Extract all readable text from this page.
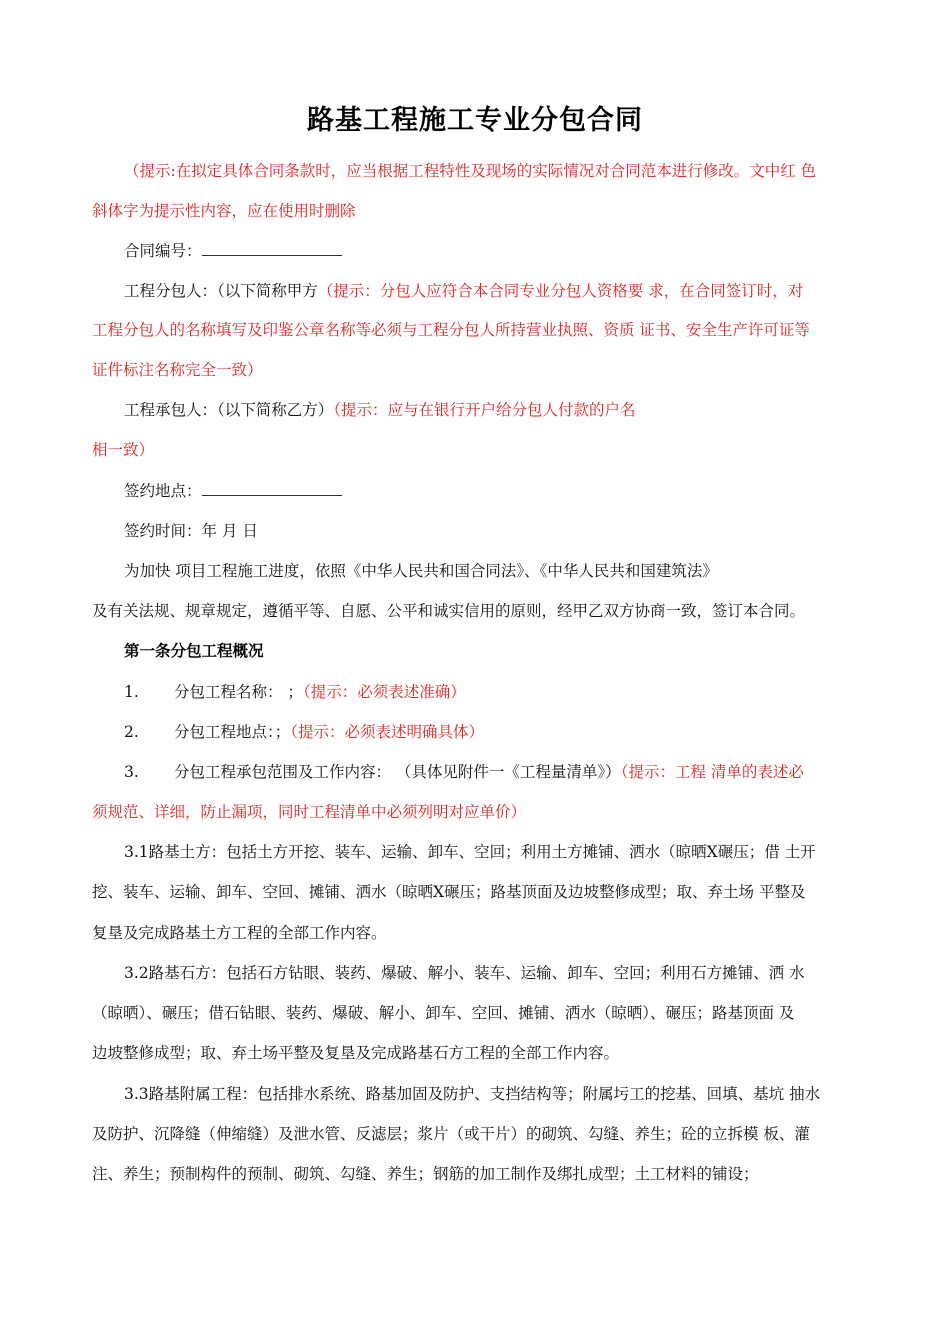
路基工程施工专业分包合同
（提示:在拟定具体合同条款时，应当根据工程特性及现场的实际情况对合同范本进行修改。文中红 色
斜体字为提示性内容，应在使用时删除
合同编号：
工程分包人：（以下简称甲方（提示：分包人应符合本合同专业分包人资格要 求，在合同签订时，对
工程分包人的名称填写及印鉴公章名称等必须与工程分包人所持营业执照、资质 证书、安全生产许可证等
证件标注名称完全一致）
工程承包人：（以下简称乙方）（提示：应与在银行开户给分包人付款的户名
相一致）
签约地点：
签约时间：年 月 日
为加快 项目工程施工进度，依照《中华人民共和国合同法》、《中华人民共和国建筑法》
及有关法规、规章规定，遵循平等、自愿、公平和诚实信用的原则，经甲乙双方协商一致，签订本合同。
第一条分包工程概况
1. 分包工程名称： ；（提示：必须表述准确）
2. 分包工程地点：；（提示：必须表述明确具体）
3. 分包工程承包范围及工作内容： （具体见附件一《工程量清单》）（提示：工程 清单的表述必
须规范、详细，防止漏项，同时工程清单中必须列明对应单价）
3.1路基土方：包括土方开挖、装车、运输、卸车、空回；利用土方摊铺、洒水（晾晒X碾压；借 土开
挖、装车、运输、卸车、空回、摊铺、洒水（晾晒X碾压；路基顶面及边坡整修成型；取、弃土场 平整及
复垦及完成路基土方工程的全部工作内容。
3.2路基石方：包括石方钻眼、装药、爆破、解小、装车、运输、卸车、空回；利用石方摊铺、洒 水
（晾晒）、碾压；借石钻眼、装药、爆破、解小、卸车、空回、摊铺、洒水（晾晒）、碾压；路基顶面 及
边坡整修成型；取、弃土场平整及复垦及完成路基石方工程的全部工作内容。
3.3路基附属工程：包括排水系统、路基加固及防护、支挡结构等；附属圬工的挖基、回填、基坑 抽水
及防护、沉降缝（伸缩缝）及泄水管、反滤层；浆片（或干片）的砌筑、勾缝、养生；砼的立拆模 板、灌
注、养生；预制构件的预制、砌筑、勾缝、养生；钢筋的加工制作及绑扎成型；土工材料的铺设；
